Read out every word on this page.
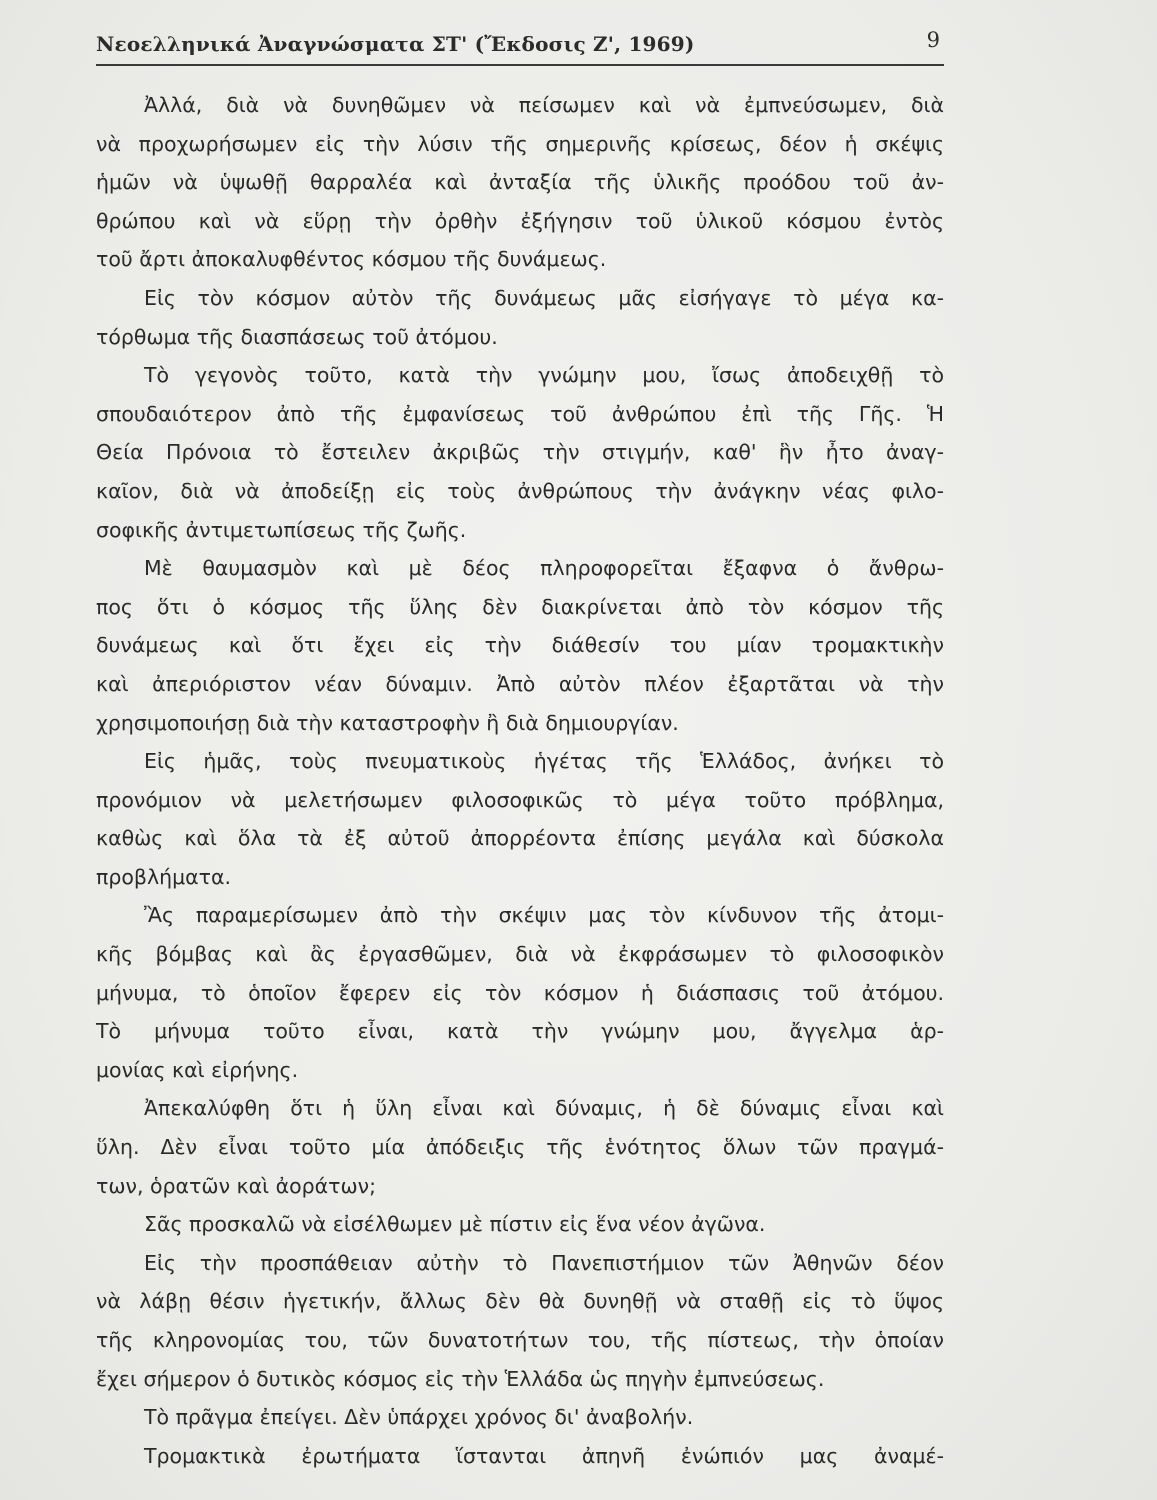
Νεοελληνικά Ἀναγνώσματα ΣΤ' (Ἔκδοσις Ζ', 1969)	9
Ἀλλά, διὰ νὰ δυνηθῶμεν νὰ πείσωμεν καὶ νὰ ἐμπνεύσωμεν, διὰ
νὰ προχωρήσωμεν εἰς τὴν λύσιν τῆς σημερινῆς κρίσεως, δέον ἡ σκέψις
ἡμῶν νὰ ὑψωθῇ θαρραλέα καὶ ἀνταξία τῆς ὑλικῆς προόδου τοῦ ἀν-
θρώπου καὶ νὰ εὕρῃ τὴν ὀρθὴν ἐξήγησιν τοῦ ὑλικοῦ κόσμου ἐντὸς
τοῦ ἄρτι ἀποκαλυφθέντος κόσμου τῆς δυνάμεως.
Εἰς τὸν κόσμον αὐτὸν τῆς δυνάμεως μᾶς εἰσήγαγε τὸ μέγα κα-
τόρθωμα τῆς διασπάσεως τοῦ ἀτόμου.
Τὸ γεγονὸς τοῦτο, κατὰ τὴν γνώμην μου, ἴσως ἀποδειχθῇ τὸ
σπουδαιότερον ἀπὸ τῆς ἐμφανίσεως τοῦ ἀνθρώπου ἐπὶ τῆς Γῆς. Ἡ
Θεία Πρόνοια τὸ ἔστειλεν ἀκριβῶς τὴν στιγμήν, καθ' ἣν ἦτο ἀναγ-
καῖον, διὰ νὰ ἀποδείξῃ εἰς τοὺς ἀνθρώπους τὴν ἀνάγκην νέας φιλο-
σοφικῆς ἀντιμετωπίσεως τῆς ζωῆς.
Μὲ θαυμασμὸν καὶ μὲ δέος πληροφορεῖται ἔξαφνα ὁ ἄνθρω-
πος ὅτι ὁ κόσμος τῆς ὕλης δὲν διακρίνεται ἀπὸ τὸν κόσμον τῆς
δυνάμεως καὶ ὅτι ἔχει εἰς τὴν διάθεσίν του μίαν τρομακτικὴν
καὶ ἀπεριόριστον νέαν δύναμιν. Ἀπὸ αὐτὸν πλέον ἐξαρτᾶται νὰ τὴν
χρησιμοποιήσῃ διὰ τὴν καταστροφὴν ἢ διὰ δημιουργίαν.
Εἰς ἡμᾶς, τοὺς πνευματικοὺς ἡγέτας τῆς Ἑλλάδος, ἀνήκει τὸ
προνόμιον νὰ μελετήσωμεν φιλοσοφικῶς τὸ μέγα τοῦτο πρόβλημα,
καθὼς καὶ ὅλα τὰ ἐξ αὐτοῦ ἀπορρέοντα ἐπίσης μεγάλα καὶ δύσκολα
προβλήματα.
Ἂς παραμερίσωμεν ἀπὸ τὴν σκέψιν μας τὸν κίνδυνον τῆς ἀτομι-
κῆς βόμβας καὶ ἂς ἐργασθῶμεν, διὰ νὰ ἐκφράσωμεν τὸ φιλοσοφικὸν
μήνυμα, τὸ ὁποῖον ἔφερεν εἰς τὸν κόσμον ἡ διάσπασις τοῦ ἀτόμου.
Τὸ μήνυμα τοῦτο εἶναι, κατὰ τὴν γνώμην μου, ἄγγελμα ἁρ-
μονίας καὶ εἰρήνης.
Ἀπεκαλύφθη ὅτι ἡ ὕλη εἶναι καὶ δύναμις, ἡ δὲ δύναμις εἶναι καὶ
ὕλη. Δὲν εἶναι τοῦτο μία ἀπόδειξις τῆς ἑνότητος ὅλων τῶν πραγμά-
των, ὁρατῶν καὶ ἀοράτων;
Σᾶς προσκαλῶ νὰ εἰσέλθωμεν μὲ πίστιν εἰς ἕνα νέον ἀγῶνα.
Εἰς τὴν προσπάθειαν αὐτὴν τὸ Πανεπιστήμιον τῶν Ἀθηνῶν δέον
νὰ λάβῃ θέσιν ἡγετικήν, ἄλλως δὲν θὰ δυνηθῇ νὰ σταθῇ εἰς τὸ ὕψος
τῆς κληρονομίας του, τῶν δυνατοτήτων του, τῆς πίστεως, τὴν ὁποίαν
ἔχει σήμερον ὁ δυτικὸς κόσμος εἰς τὴν Ἑλλάδα ὡς πηγὴν ἐμπνεύσεως.
Τὸ πρᾶγμα ἐπείγει. Δὲν ὑπάρχει χρόνος δι' ἀναβολήν.
Τρομακτικὰ ἐρωτήματα ἵστανται ἀπηνῆ ἐνώπιόν μας ἀναμέ-
